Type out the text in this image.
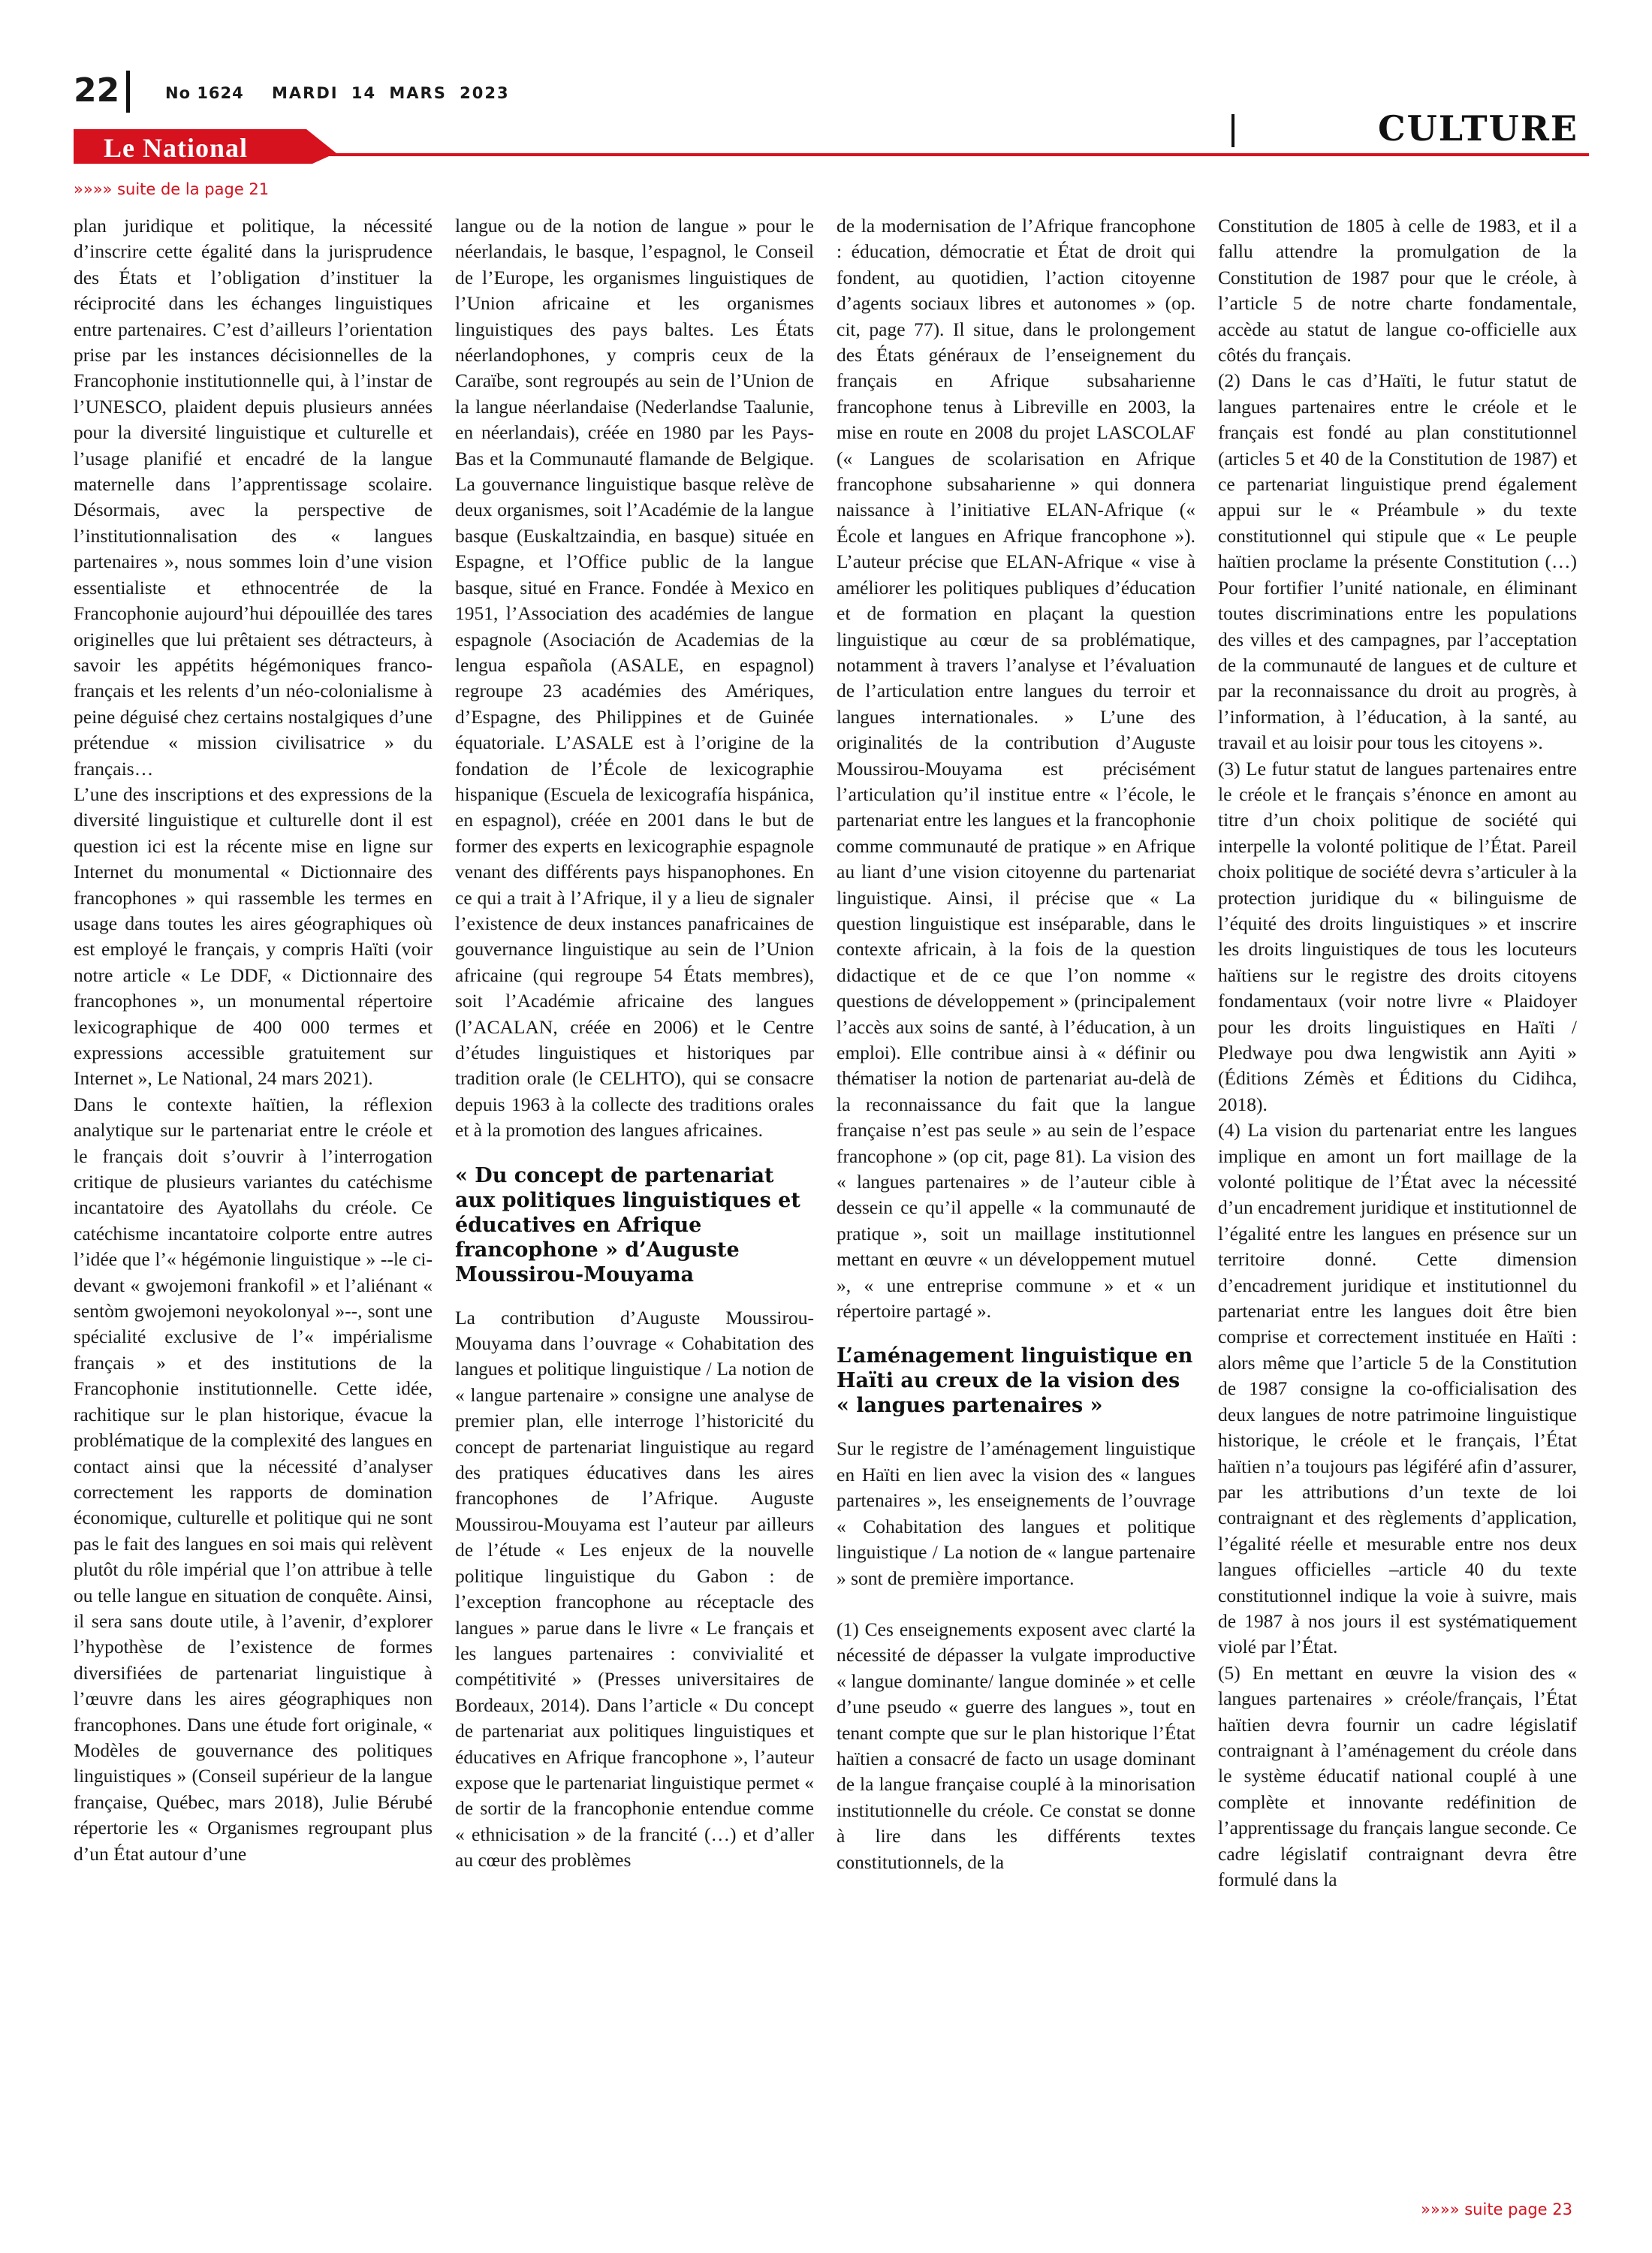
22	No 1624 MARDI 14 MARS 2023
Le National	CULTURE
»»»» suite de la page 21

plan juridique et politique, la nécessité d’inscrire cette égalité dans la jurisprudence des États et l’obligation d’instituer la réciprocité dans les échanges linguistiques entre partenaires. C’est d’ailleurs l’orientation prise par les instances décisionnelles de la Francophonie institutionnelle qui, à l’instar de l’UNESCO, plaident depuis plusieurs années pour la diversité linguistique et culturelle et l’usage planifié et encadré de la langue maternelle dans l’apprentissage scolaire. Désormais, avec la perspective de l’institutionnalisation des « langues partenaires », nous sommes loin d’une vision essentialiste et ethnocentrée de la Francophonie aujourd’hui dépouillée des tares originelles que lui prêtaient ses détracteurs, à savoir les appétits hégémoniques franco-français et les relents d’un néo-colonialisme à peine déguisé chez certains nostalgiques d’une prétendue « mission civilisatrice » du français…

L’une des inscriptions et des expressions de la diversité linguistique et culturelle dont il est question ici est la récente mise en ligne sur Internet du monumental « Dictionnaire des francophones » qui rassemble les termes en usage dans toutes les aires géographiques où est employé le français, y compris Haïti (voir notre article « Le DDF, « Dictionnaire des francophones », un monumental répertoire lexicographique de 400 000 termes et expressions accessible gratuitement sur Internet », Le National, 24 mars 2021).

Dans le contexte haïtien, la réflexion analytique sur le partenariat entre le créole et le français doit s’ouvrir à l’interrogation critique de plusieurs variantes du catéchisme incantatoire des Ayatollahs du créole. Ce catéchisme incantatoire colporte entre autres l’idée que l’« hégémonie linguistique » --le ci-devant « gwojemoni frankofil » et l’aliénant « sentòm gwojemoni neyokolonyal »--, sont une spécialité exclusive de l’« impérialisme français » et des institutions de la Francophonie institutionnelle. Cette idée, rachitique sur le plan historique, évacue la problématique de la complexité des langues en contact ainsi que la nécessité d’analyser correctement les rapports de domination économique, culturelle et politique qui ne sont pas le fait des langues en soi mais qui relèvent plutôt du rôle impérial que l’on attribue à telle ou telle langue en situation de conquête. Ainsi, il sera sans doute utile, à l’avenir, d’explorer l’hypothèse de l’existence de formes diversifiées de partenariat linguistique à l’œuvre dans les aires géographiques non francophones. Dans une étude fort originale, « Modèles de gouvernance des politiques linguistiques » (Conseil supérieur de la langue française, Québec, mars 2018), Julie Bérubé répertorie les « Organismes regroupant plus d’un État autour d’une

langue ou de la notion de langue » pour le néerlandais, le basque, l’espagnol, le Conseil de l’Europe, les organismes linguistiques de l’Union africaine et les organismes linguistiques des pays baltes. Les États néerlandophones, y compris ceux de la Caraïbe, sont regroupés au sein de l’Union de la langue néerlandaise (Nederlandse Taalunie, en néerlandais), créée en 1980 par les Pays-Bas et la Communauté flamande de Belgique. La gouvernance linguistique basque relève de deux organismes, soit l’Académie de la langue basque (Euskaltzaindia, en basque) située en Espagne, et l’Office public de la langue basque, situé en France. Fondée à Mexico en 1951, l’Association des académies de langue espagnole (Asociación de Academias de la lengua española (ASALE, en espagnol) regroupe 23 académies des Amériques, d’Espagne, des Philippines et de Guinée équatoriale. L’ASALE est à l’origine de la fondation de l’École de lexicographie hispanique (Escuela de lexicografía hispánica, en espagnol), créée en 2001 dans le but de former des experts en lexicographie espagnole venant des différents pays hispanophones. En ce qui a trait à l’Afrique, il y a lieu de signaler l’existence de deux instances panafricaines de gouvernance linguistique au sein de l’Union africaine (qui regroupe 54 États membres), soit l’Académie africaine des langues (l’ACALAN, créée en 2006) et le Centre d’études linguistiques et historiques par tradition orale (le CELHTO), qui se consacre depuis 1963 à la collecte des traditions orales et à la promotion des langues africaines.

« Du concept de partenariat aux politiques linguistiques et éducatives en Afrique francophone » d’Auguste Moussirou-Mouyama

La contribution d’Auguste Moussirou-Mouyama dans l’ouvrage « Cohabitation des langues et politique linguistique / La notion de « langue partenaire » consigne une analyse de premier plan, elle interroge l’historicité du concept de partenariat linguistique au regard des pratiques éducatives dans les aires francophones de l’Afrique. Auguste Moussirou-Mouyama est l’auteur par ailleurs de l’étude « Les enjeux de la nouvelle politique linguistique du Gabon : de l’exception francophone au réceptacle des langues » parue dans le livre « Le français et les langues partenaires : convivialité et compétitivité » (Presses universitaires de Bordeaux, 2014). Dans l’article « Du concept de partenariat aux politiques linguistiques et éducatives en Afrique francophone », l’auteur expose que le partenariat linguistique permet « de sortir de la francophonie entendue comme « ethnicisation » de la francité (…) et d’aller au cœur des problèmes

de la modernisation de l’Afrique francophone : éducation, démocratie et État de droit qui fondent, au quotidien, l’action citoyenne d’agents sociaux libres et autonomes » (op. cit, page 77). Il situe, dans le prolongement des États généraux de l’enseignement du français en Afrique subsaharienne francophone tenus à Libreville en 2003, la mise en route en 2008 du projet LASCOLAF (« Langues de scolarisation en Afrique francophone subsaharienne » qui donnera naissance à l’initiative ELAN-Afrique (« École et langues en Afrique francophone »). L’auteur précise que ELAN-Afrique « vise à améliorer les politiques publiques d’éducation et de formation en plaçant la question linguistique au cœur de sa problématique, notamment à travers l’analyse et l’évaluation de l’articulation entre langues du terroir et langues internationales. » L’une des originalités de la contribution d’Auguste Moussirou-Mouyama est précisément l’articulation qu’il institue entre « l’école, le partenariat entre les langues et la francophonie comme communauté de pratique » en Afrique au liant d’une vision citoyenne du partenariat linguistique. Ainsi, il précise que « La question linguistique est inséparable, dans le contexte africain, à la fois de la question didactique et de ce que l’on nomme « questions de développement » (principalement l’accès aux soins de santé, à l’éducation, à un emploi). Elle contribue ainsi à « définir ou thématiser la notion de partenariat au-delà de la reconnaissance du fait que la langue française n’est pas seule » au sein de l’espace francophone » (op cit, page 81). La vision des « langues partenaires » de l’auteur cible à dessein ce qu’il appelle « la communauté de pratique », soit un maillage institutionnel mettant en œuvre « un développement mutuel », « une entreprise commune » et « un répertoire partagé ».

L’aménagement linguistique en Haïti au creux de la vision des « langues partenaires »

Sur le registre de l’aménagement linguistique en Haïti en lien avec la vision des « langues partenaires », les enseignements de l’ouvrage « Cohabitation des langues et politique linguistique / La notion de « langue partenaire » sont de première importance.

(1) Ces enseignements exposent avec clarté la nécessité de dépasser la vulgate improductive « langue dominante/ langue dominée » et celle d’une pseudo « guerre des langues », tout en tenant compte que sur le plan historique l’État haïtien a consacré de facto un usage dominant de la langue française couplé à la minorisation institutionnelle du créole. Ce constat se donne à lire dans les différents textes constitutionnels, de la

Constitution de 1805 à celle de 1983, et il a fallu attendre la promulgation de la Constitution de 1987 pour que le créole, à l’article 5 de notre charte fondamentale, accède au statut de langue co-officielle aux côtés du français.

(2) Dans le cas d’Haïti, le futur statut de langues partenaires entre le créole et le français est fondé au plan constitutionnel (articles 5 et 40 de la Constitution de 1987) et ce partenariat linguistique prend également appui sur le « Préambule » du texte constitutionnel qui stipule que « Le peuple haïtien proclame la présente Constitution (…) Pour fortifier l’unité nationale, en éliminant toutes discriminations entre les populations des villes et des campagnes, par l’acceptation de la communauté de langues et de culture et par la reconnaissance du droit au progrès, à l’information, à l’éducation, à la santé, au travail et au loisir pour tous les citoyens ».

(3) Le futur statut de langues partenaires entre le créole et le français s’énonce en amont au titre d’un choix politique de société qui interpelle la volonté politique de l’État. Pareil choix politique de société devra s’articuler à la protection juridique du « bilinguisme de l’équité des droits linguistiques » et inscrire les droits linguistiques de tous les locuteurs haïtiens sur le registre des droits citoyens fondamentaux (voir notre livre « Plaidoyer pour les droits linguistiques en Haïti / Pledwaye pou dwa lengwistik ann Ayiti » (Éditions Zémès et Éditions du Cidihca, 2018).

(4) La vision du partenariat entre les langues implique en amont un fort maillage de la volonté politique de l’État avec la nécessité d’un encadrement juridique et institutionnel de l’égalité entre les langues en présence sur un territoire donné. Cette dimension d’encadrement juridique et institutionnel du partenariat entre les langues doit être bien comprise et correctement instituée en Haïti : alors même que l’article 5 de la Constitution de 1987 consigne la co-officialisation des deux langues de notre patrimoine linguistique historique, le créole et le français, l’État haïtien n’a toujours pas légiféré afin d’assurer, par les attributions d’un texte de loi contraignant et des règlements d’application, l’égalité réelle et mesurable entre nos deux langues officielles –article 40 du texte constitutionnel indique la voie à suivre, mais de 1987 à nos jours il est systématiquement violé par l’État.

(5) En mettant en œuvre la vision des « langues partenaires » créole/français, l’État haïtien devra fournir un cadre législatif contraignant à l’aménagement du créole dans le système éducatif national couplé à une complète et innovante redéfinition de l’apprentissage du français langue seconde. Ce cadre législatif contraignant devra être formulé dans la

»»»» suite page 23
